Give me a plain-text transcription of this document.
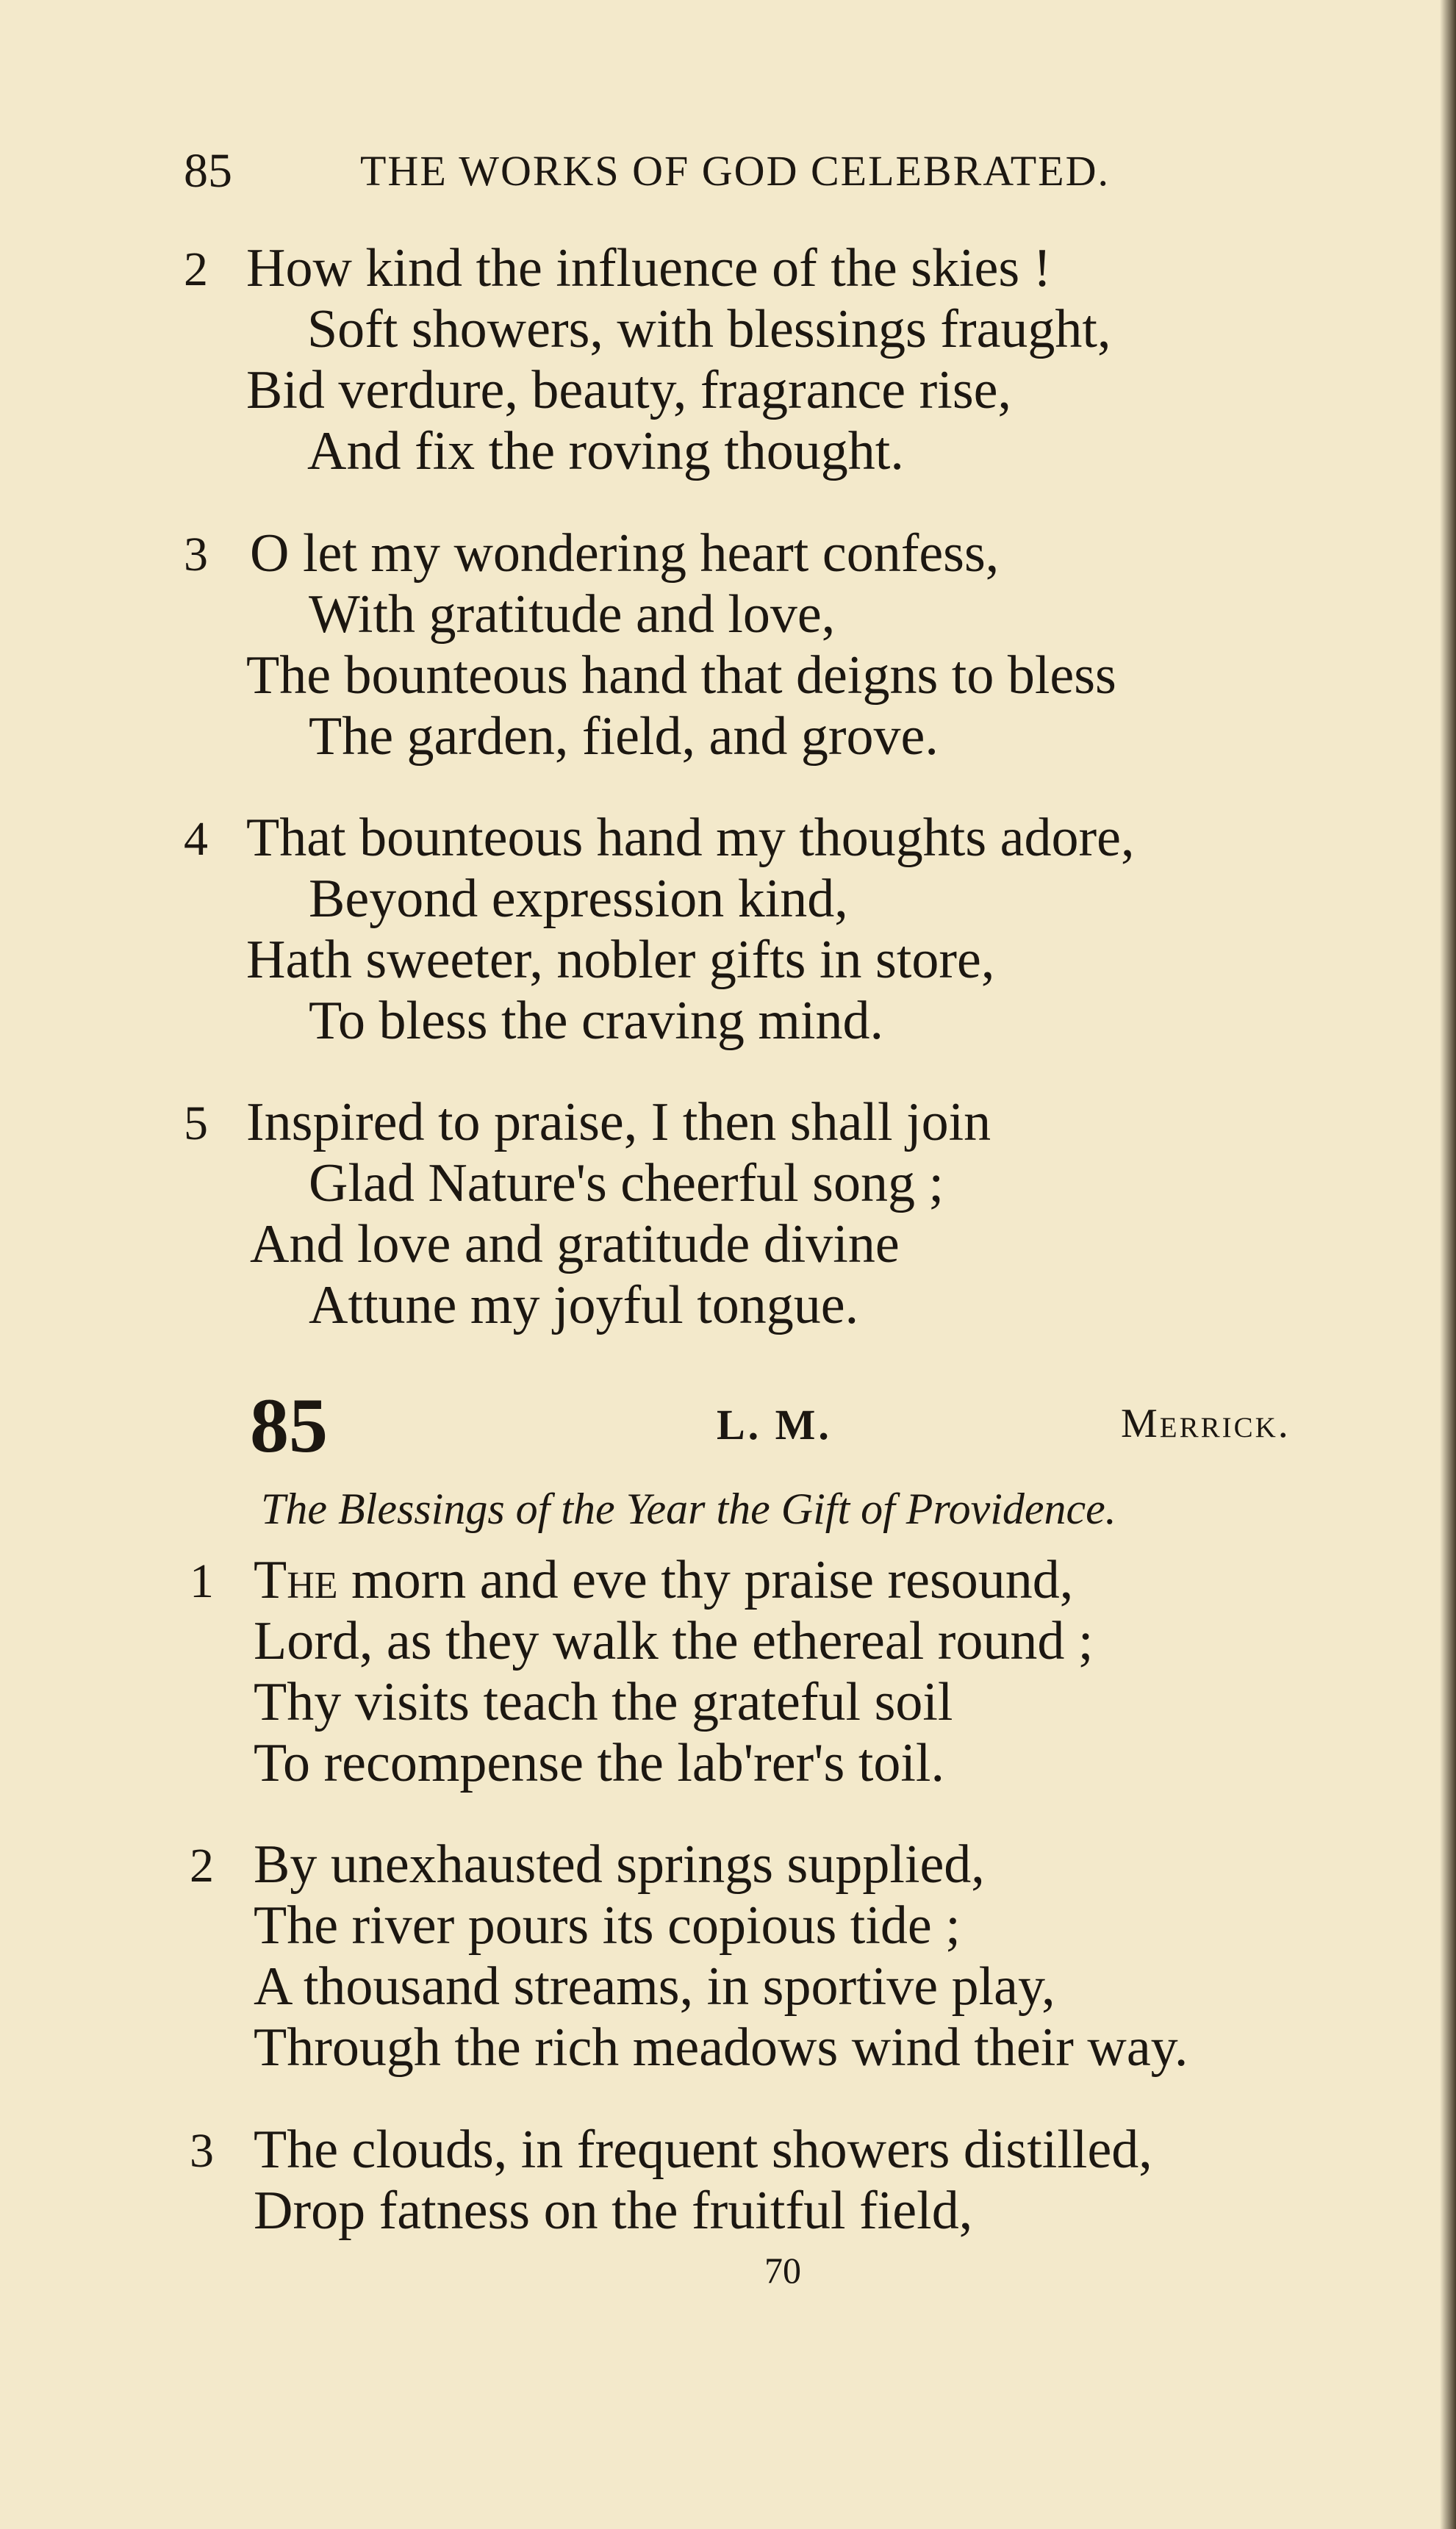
85	THE WORKS OF GOD CELEBRATED.
2 How kind the influence of the skies !
Soft showers, with blessings fraught,
Bid verdure, beauty, fragrance rise,
And fix the roving thought.
3 O let my wondering heart confess,
With gratitude and love,
The bounteous hand that deigns to bless
The garden, field, and grove.
4 That bounteous hand my thoughts adore,
Beyond expression kind,
Hath sweeter, nobler gifts in store,
To bless the craving mind.
5 Inspired to praise, I then shall join
Glad Nature's cheerful song ;
And love and gratitude divine
Attune my joyful tongue.
85	L. M.	Merrick.
The Blessings of the Year the Gift of Providence.
1 The morn and eve thy praise resound,
Lord, as they walk the ethereal round ;
Thy visits teach the grateful soil
To recompense the lab'rer's toil.
2 By unexhausted springs supplied,
The river pours its copious tide ;
A thousand streams, in sportive play,
Through the rich meadows wind their way.
3 The clouds, in frequent showers distilled,
Drop fatness on the fruitful field,
70
